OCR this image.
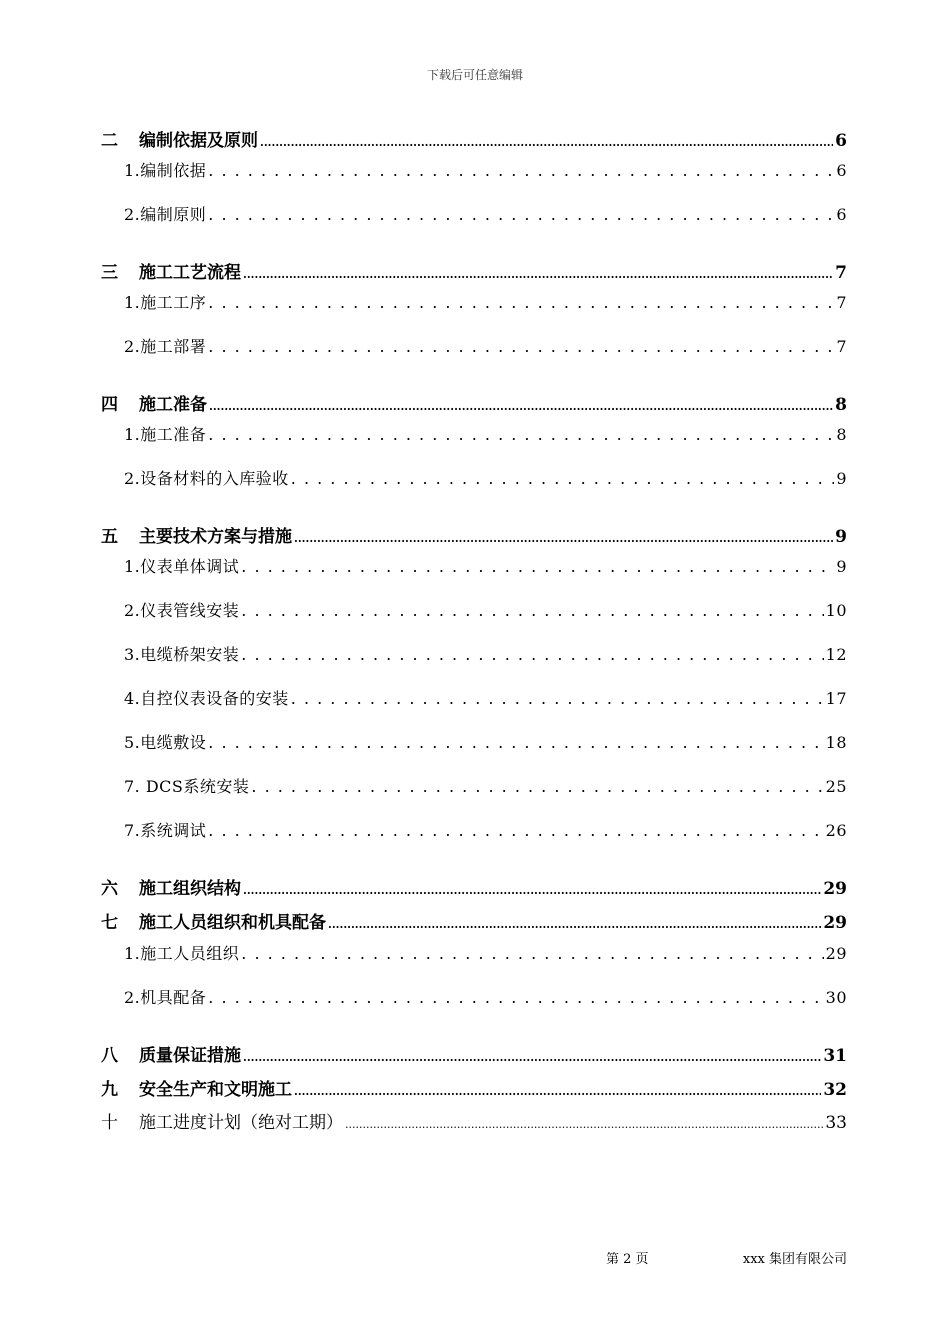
下载后可任意编辑
二	编制依据及原则 .....	6
1.编制依据 . . .	6
2.编制原则 . . .	6
三	施工工艺流程 .....	7
1.施工工序 . . .	7
2.施工部署 . . .	7
四	施工准备 .....	8
1.施工准备 . . .	8
2.设备材料的入库验收 . . .	9
五	主要技术方案与措施 .....	9
1.仪表单体调试 . . .	9
2.仪表管线安装 . . .	10
3.电缆桥架安装 . . .	12
4.自控仪表设备的安装 . . .	17
5.电缆敷设 . . .	18
7. DCS系统安装 . . .	25
7.系统调试 . . .	26
六	施工组织结构 .....	29
七	施工人员组织和机具配备 .....	29
1.施工人员组织 . . .	29
2.机具配备 . . .	30
八	质量保证措施 .....	31
九	安全生产和文明施工 .....	32
十	施工进度计划（绝对工期） .....	33
第 2 页	xxx 集团有限公司
